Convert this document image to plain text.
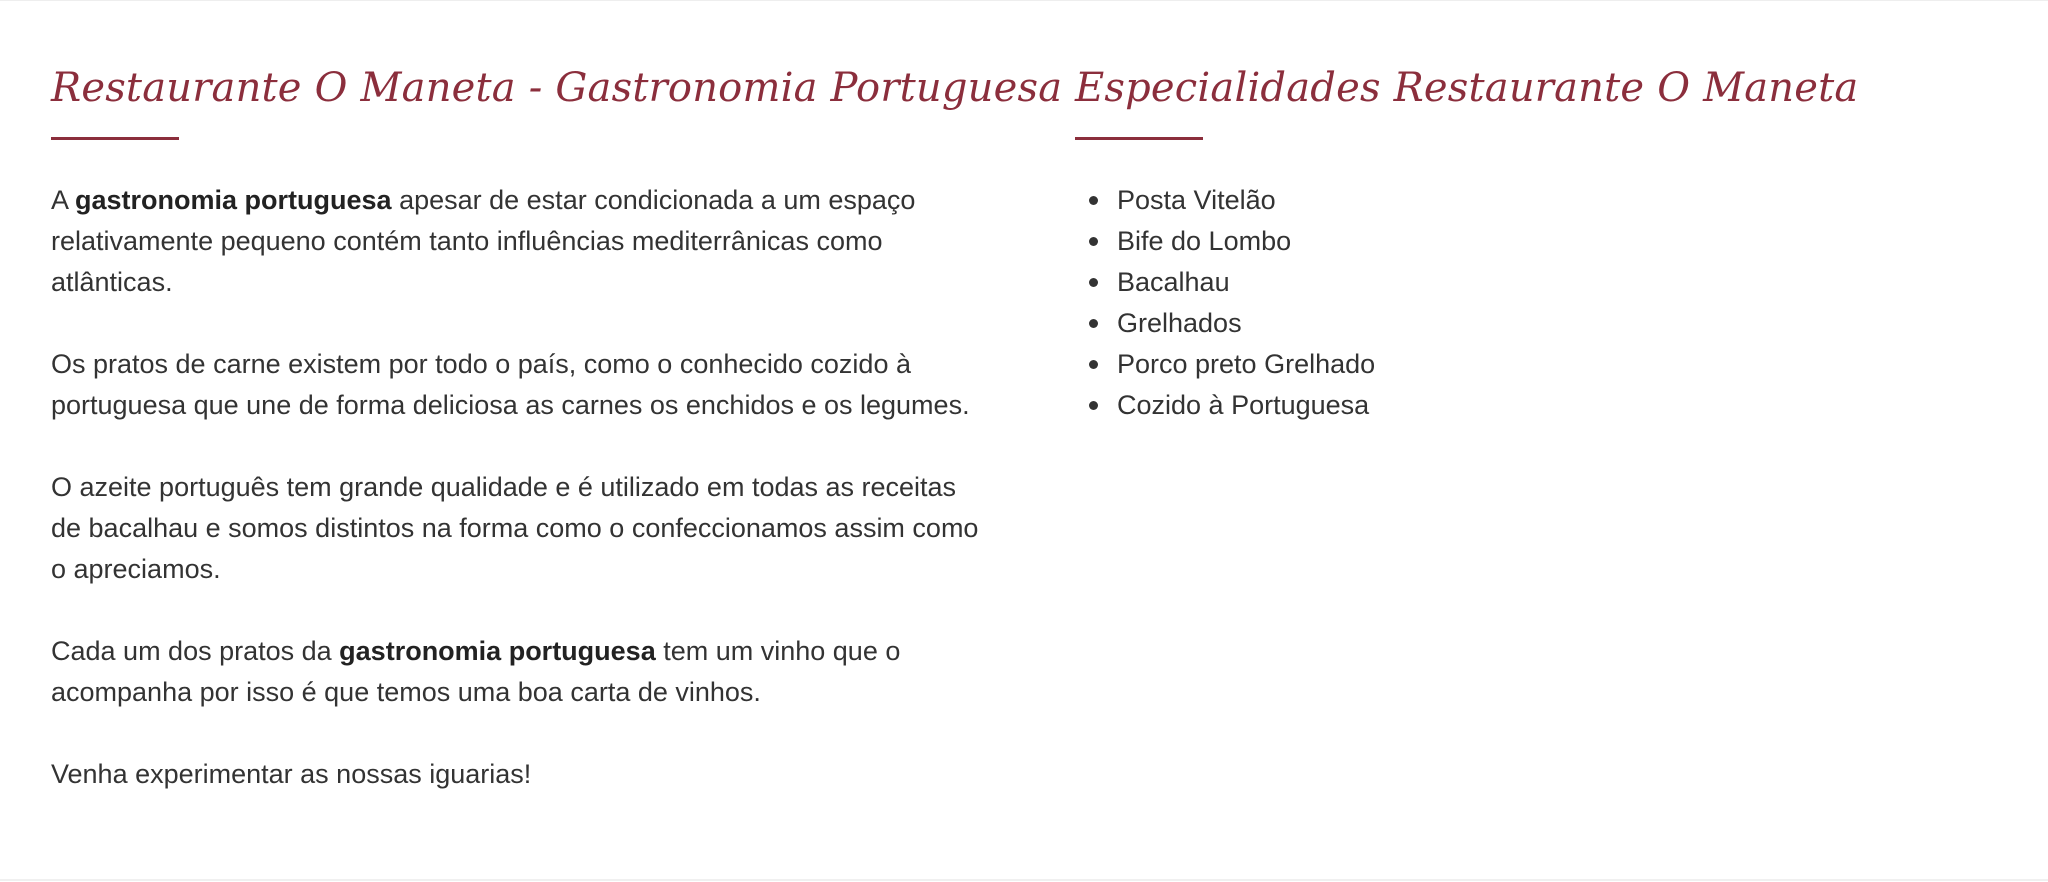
Restaurante O Maneta - Gastronomia Portuguesa

A gastronomia portuguesa apesar de estar condicionada a um espaço relativamente pequeno contém tanto influências mediterrânicas como atlânticas.

Os pratos de carne existem por todo o país, como o conhecido cozido à portuguesa que une de forma deliciosa as carnes os enchidos e os legumes.

O azeite português tem grande qualidade e é utilizado em todas as receitas de bacalhau e somos distintos na forma como o confeccionamos assim como o apreciamos.

Cada um dos pratos da gastronomia portuguesa tem um vinho que o acompanha por isso é que temos uma boa carta de vinhos.

Venha experimentar as nossas iguarias!

Especialidades Restaurante O Maneta
Posta Vitelão
Bife do Lombo
Bacalhau
Grelhados
Porco preto Grelhado
Cozido à Portuguesa
